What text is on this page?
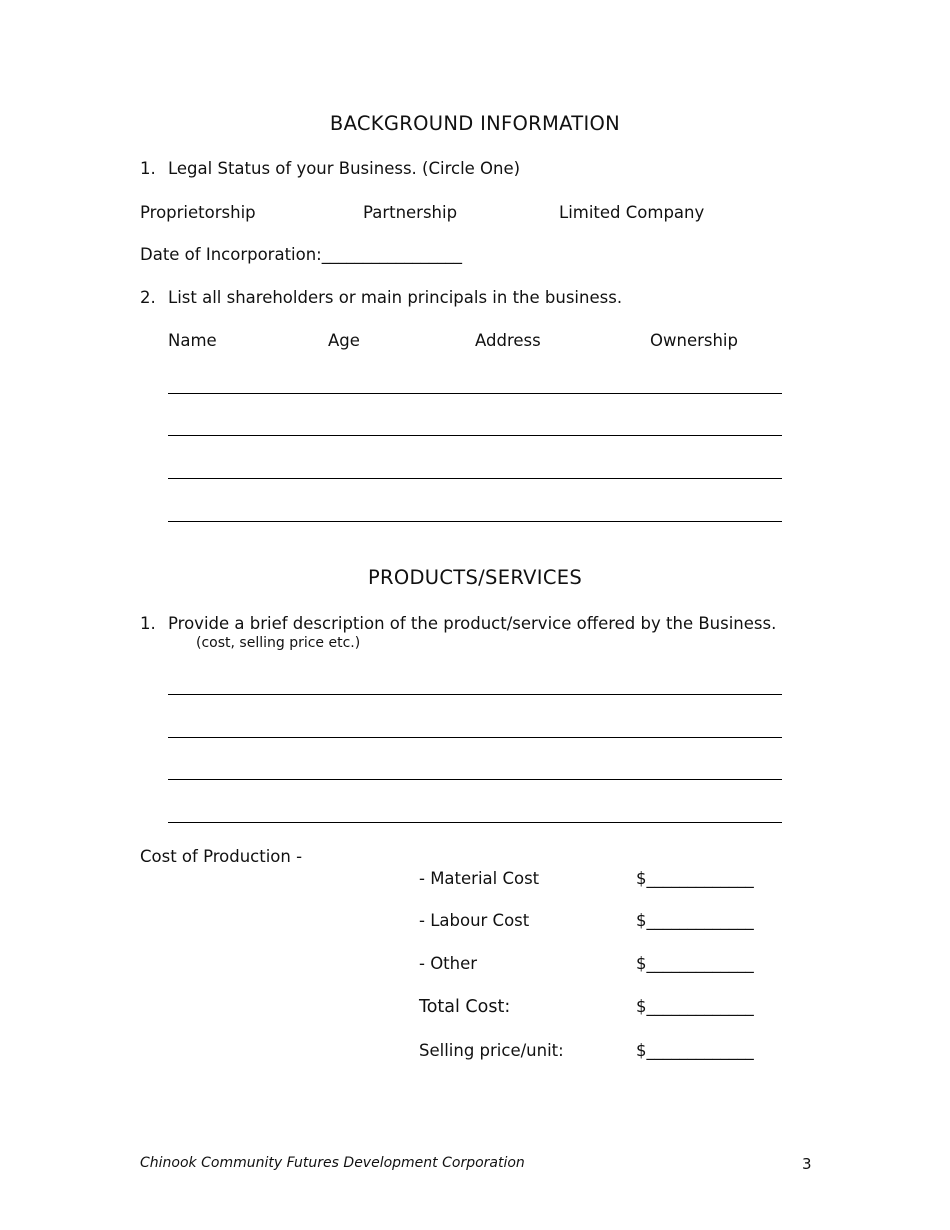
BACKGROUND INFORMATION
1. Legal Status of your Business. (Circle One)
Proprietorship	Partnership	Limited Company
Date of Incorporation:_________________
2. List all shareholders or main principals in the business.
Name	Age	Address	Ownership
PRODUCTS/SERVICES
1. Provide a brief description of the product/service offered by the Business.
(cost, selling price etc.)
Cost of Production -
- Material Cost	$_____________
- Labour Cost	$_____________
- Other	$_____________
Total Cost:	$_____________
Selling price/unit:	$_____________
Chinook Community Futures Development Corporation	3
